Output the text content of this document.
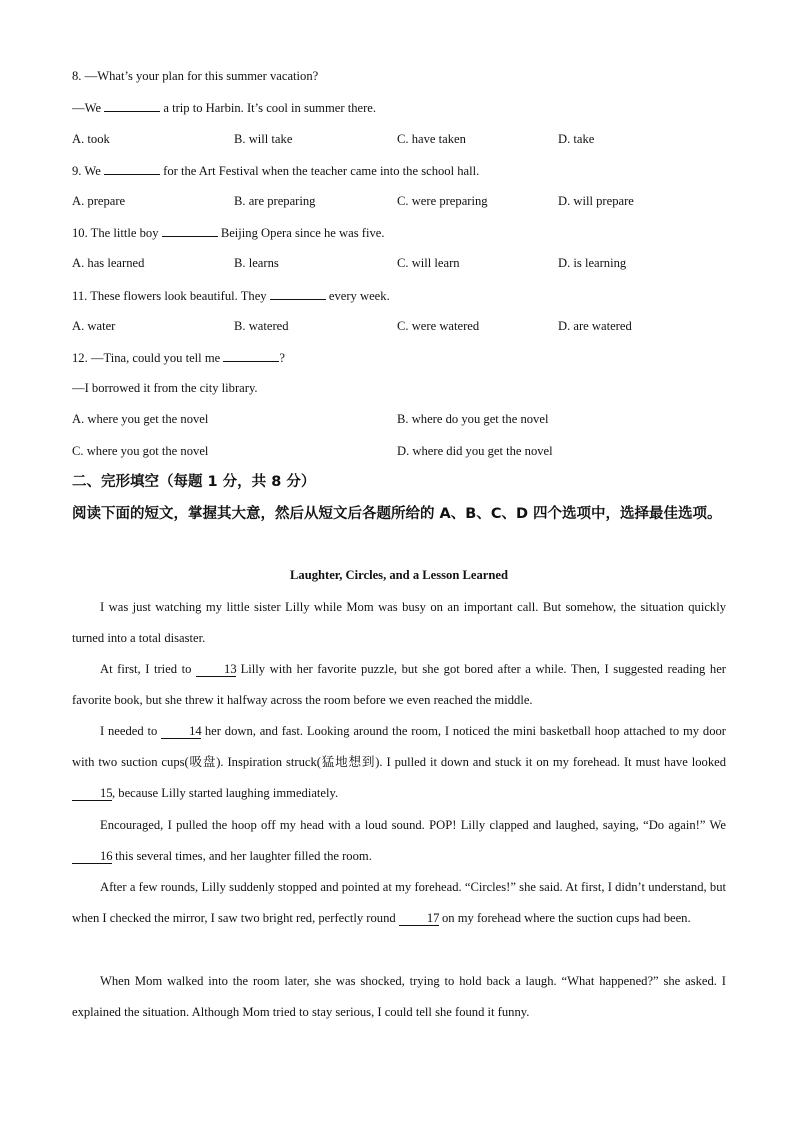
8. —What’s your plan for this summer vacation?
—We	a trip to Harbin. It’s cool in summer there.
A. took	B. will take	C. have taken	D. take
9. We	for the Art Festival when the teacher came into the school hall.
A. prepare	B. are preparing	C. were preparing	D. will prepare
10. The little boy	Beijing Opera since he was five.
A. has learned	B. learns	C. will learn	D. is learning
11. These flowers look beautiful. They	every week.
A. water	B. watered	C. were watered	D. are watered
12. —Tina, could you tell me	?
—I borrowed it from the city library.
A. where you get the novel	B. where do you get the novel
C. where you got the novel	D. where did you get the novel
二、完形填空（每题 1 分，共 8 分）
阅读下面的短文，掌握其大意，然后从短文后各题所给的 A、B、C、D 四个选项中，选择最佳选项。
Laughter, Circles, and a Lesson Learned
I was just watching my little sister Lilly while Mom was busy on an important call. But somehow, the situation quickly turned into a total disaster.
At first, I tried to 13 Lilly with her favorite puzzle, but she got bored after a while. Then, I suggested reading her favorite book, but she threw it halfway across the room before we even reached the middle.
I needed to 14 her down, and fast. Looking around the room, I noticed the mini basketball hoop attached to my door with two suction cups(吸盘). Inspiration struck(猛地想到). I pulled it down and stuck it on my forehead. It must have looked 15, because Lilly started laughing immediately.
Encouraged, I pulled the hoop off my head with a loud sound. POP! Lilly clapped and laughed, saying, “Do again!” We 16 this several times, and her laughter filled the room.
After a few rounds, Lilly suddenly stopped and pointed at my forehead. “Circles!” she said. At first, I didn’t understand, but when I checked the mirror, I saw two bright red, perfectly round 17 on my forehead where the suction cups had been.
When Mom walked into the room later, she was shocked, trying to hold back a laugh. “What happened?” she asked. I explained the situation. Although Mom tried to stay serious, I could tell she found it funny.
